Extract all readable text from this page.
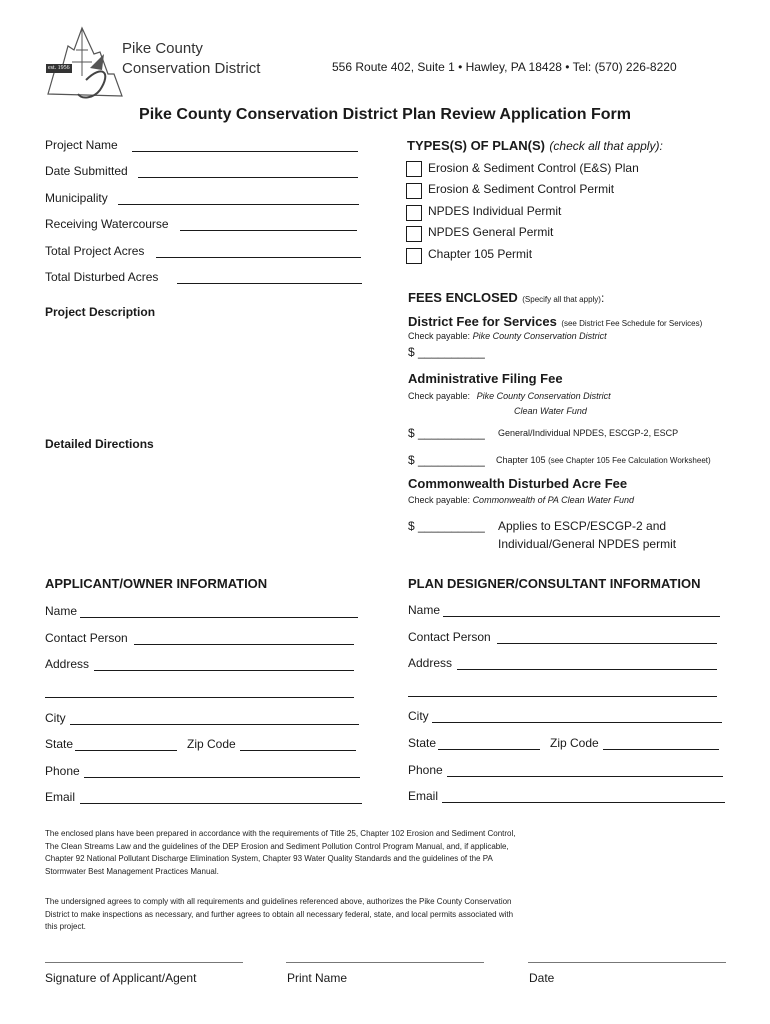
est. 1956
Pike County
Conservation District	556 Route 402, Suite 1 • Hawley, PA 18428 • Tel: (570) 226-8220
Pike County Conservation District Plan Review Application Form
Project Name
Date Submitted
Municipality
Receiving Watercourse
Total Project Acres
Total Disturbed Acres
Project Description
Detailed Directions
TYPES(S) OF PLAN(S) (check all that apply):
Erosion & Sediment Control (E&S) Plan
Erosion & Sediment Control Permit
NPDES Individual Permit
NPDES General Permit
Chapter 105 Permit
FEES ENCLOSED (Specify all that apply):
District Fee for Services (see District Fee Schedule for Services)
Check payable: Pike County Conservation District
$ __________
Administrative Filing Fee
Check payable: Pike County Conservation District
Clean Water Fund
$ __________ General/Individual NPDES, ESCGP-2, ESCP
$ __________ Chapter 105 (see Chapter 105 Fee Calculation Worksheet)
Commonwealth Disturbed Acre Fee
Check payable: Commonwealth of PA Clean Water Fund
$ __________ Applies to ESCP/ESCGP-2 and
Individual/General NPDES permit
APPLICANT/OWNER INFORMATION
Name
Contact Person
Address
City
State	Zip Code
Phone
Email
PLAN DESIGNER/CONSULTANT INFORMATION
Name
Contact Person
Address
City
State	Zip Code
Phone
Email
The enclosed plans have been prepared in accordance with the requirements of Title 25, Chapter 102 Erosion and Sediment Control,
The Clean Streams Law and the guidelines of the DEP Erosion and Sediment Pollution Control Program Manual, and, if applicable,
Chapter 92 National Pollutant Discharge Elimination System, Chapter 93 Water Quality Standards and the guidelines of the PA
Stormwater Best Management Practices Manual.
The undersigned agrees to comply with all requirements and guidelines referenced above, authorizes the Pike County Conservation
District to make inspections as necessary, and further agrees to obtain all necessary federal, state, and local permits associated with
this project.
Signature of Applicant/Agent	Print Name	Date
